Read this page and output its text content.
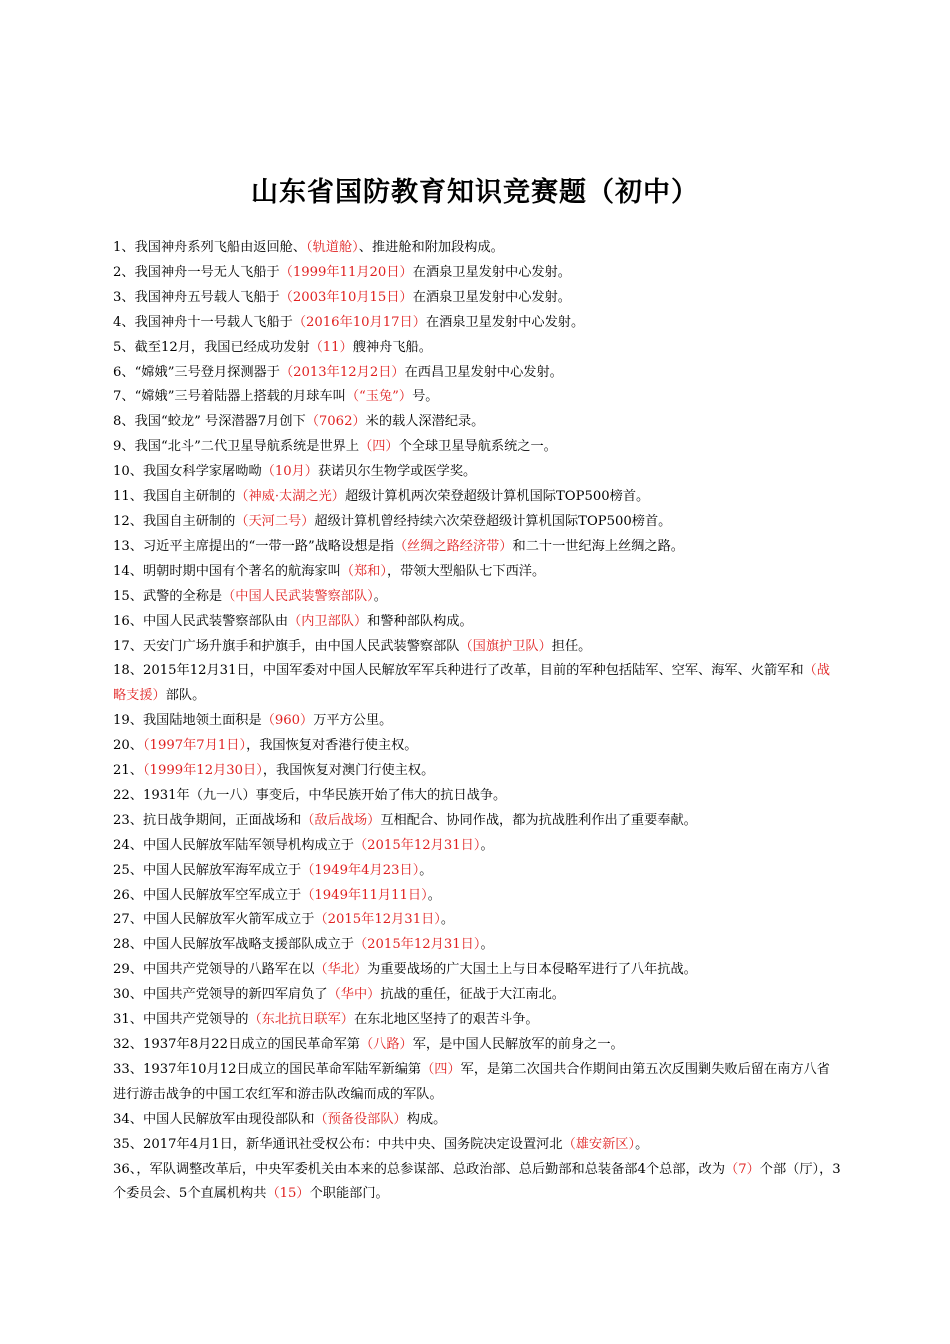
山东省国防教育知识竞赛题（初中）

1、我国神舟系列飞船由返回舱、（轨道舱）、推进舱和附加段构成。

2、我国神舟一号无人飞船于（1999年11月20日）在酒泉卫星发射中心发射。

3、我国神舟五号载人飞船于（2003年10月15日）在酒泉卫星发射中心发射。

4、我国神舟十一号载人飞船于（2016年10月17日）在酒泉卫星发射中心发射。

5、截至12月，我国已经成功发射（11）艘神舟飞船。

6、“嫦娥”三号登月探测器于（2013年12月2日）在西昌卫星发射中心发射。

7、“嫦娥”三号着陆器上搭载的月球车叫（“玉兔”）号。

8、我国“蛟龙” 号深潜器7月创下（7062）米的载人深潜纪录。

9、我国“北斗”二代卫星导航系统是世界上（四）个全球卫星导航系统之一。

10、我国女科学家屠呦呦（10月）获诺贝尔生物学或医学奖。

11、我国自主研制的（神威·太湖之光）超级计算机两次荣登超级计算机国际TOP500榜首。

12、我国自主研制的（天河二号）超级计算机曾经持续六次荣登超级计算机国际TOP500榜首。

13、习近平主席提出的“一带一路”战略设想是指（丝绸之路经济带）和二十一世纪海上丝绸之路。

14、明朝时期中国有个著名的航海家叫（郑和），带领大型船队七下西洋。

15、武警的全称是（中国人民武装警察部队）。

16、中国人民武装警察部队由（内卫部队）和警种部队构成。

17、天安门广场升旗手和护旗手，由中国人民武装警察部队（国旗护卫队）担任。

18、2015年12月31日，中国军委对中国人民解放军军兵种进行了改革，目前的军种包括陆军、空军、海军、火箭军和（战略支援）部队。

19、我国陆地领土面积是（960）万平方公里。

20、（1997年7月1日），我国恢复对香港行使主权。

21、（1999年12月30日），我国恢复对澳门行使主权。

22、1931年（九一八）事变后，中华民族开始了伟大的抗日战争。

23、抗日战争期间，正面战场和（敌后战场）互相配合、协同作战，都为抗战胜利作出了重要奉献。

24、中国人民解放军陆军领导机构成立于（2015年12月31日）。

25、中国人民解放军海军成立于（1949年4月23日）。

26、中国人民解放军空军成立于（1949年11月11日）。

27、中国人民解放军火箭军成立于（2015年12月31日）。

28、中国人民解放军战略支援部队成立于（2015年12月31日）。

29、中国共产党领导的八路军在以（华北）为重要战场的广大国土上与日本侵略军进行了八年抗战。

30、中国共产党领导的新四军肩负了（华中）抗战的重任，征战于大江南北。

31、中国共产党领导的（东北抗日联军）在东北地区坚持了的艰苦斗争。

32、1937年8月22日成立的国民革命军第（八路）军，是中国人民解放军的前身之一。

33、1937年10月12日成立的国民革命军陆军新编第（四）军，是第二次国共合作期间由第五次反围剿失败后留在南方八省进行游击战争的中国工农红军和游击队改编而成的军队。

34、中国人民解放军由现役部队和（预备役部队）构成。

35、2017年4月1日，新华通讯社受权公布：中共中央、国务院决定设置河北（雄安新区）。

36、，军队调整改革后，中央军委机关由本来的总参谋部、总政治部、总后勤部和总装备部4个总部，改为（7）个部（厅），3个委员会、5个直属机构共（15）个职能部门。
